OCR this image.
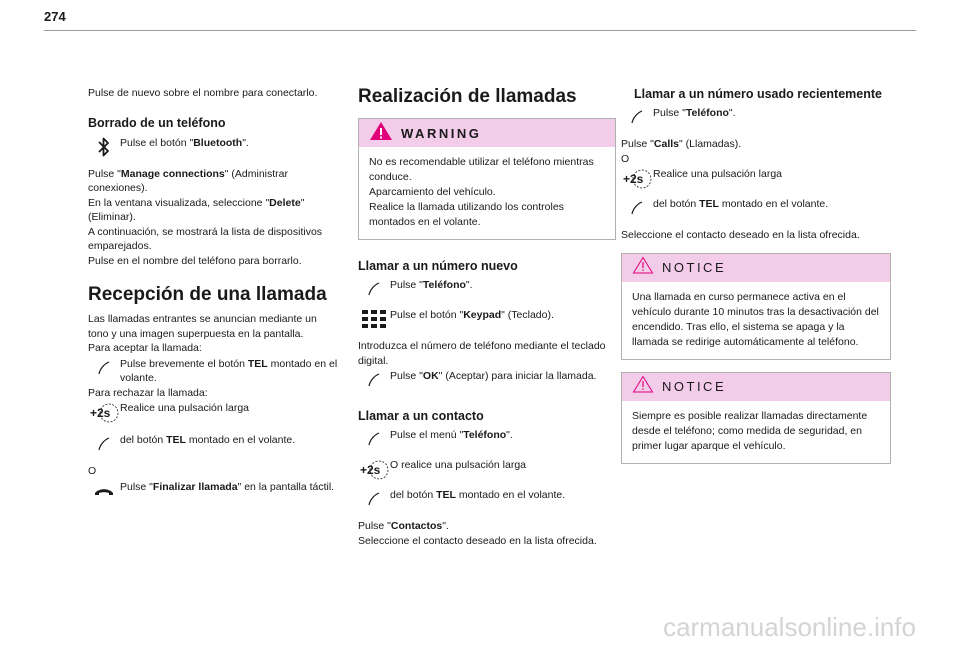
274

Pulse de nuevo sobre el nombre para conectarlo.

Borrado de un teléfono
Pulse el botón "Bluetooth".

Pulse "Manage connections" (Administrar conexiones).

En la ventana visualizada, seleccione "Delete" (Eliminar).

A continuación, se mostrará la lista de dispositivos emparejados.

Pulse en el nombre del teléfono para borrarlo.

Recepción de una llamada

Las llamadas entrantes se anuncian mediante un tono y una imagen superpuesta en la pantalla.

Para aceptar la llamada:

Pulse brevemente el botón TEL montado en el volante.

Para rechazar la llamada:

+2s Realice una pulsación larga
del botón TEL montado en el volante.

O

Pulse "Finalizar llamada" en la pantalla táctil.
Realización de llamadas
WARNING
No es recomendable utilizar el teléfono mientras conduce.
Aparcamiento del vehículo.
Realice la llamada utilizando los controles montados en el volante.
Llamar a un número nuevo
Pulse "Teléfono".
Pulse el botón "Keypad" (Teclado).

Introduzca el número de teléfono mediante el teclado digital.

Pulse "OK" (Aceptar) para iniciar la llamada.
Llamar a un contacto
Pulse el menú "Teléfono".
+2s O realice una pulsación larga
del botón TEL montado en el volante.

Pulse "Contactos".

Seleccione el contacto deseado en la lista ofrecida.

Llamar a un número usado recientemente
Pulse "Teléfono".

Pulse "Calls" (Llamadas).

O

+2s Realice una pulsación larga
del botón TEL montado en el volante.

Seleccione el contacto deseado en la lista ofrecida.

NOTICE
Una llamada en curso permanece activa en el vehículo durante 10 minutos tras la desactivación del encendido. Tras ello, el sistema se apaga y la llamada se redirige automáticamente al teléfono.
NOTICE
Siempre es posible realizar llamadas directamente desde el teléfono; como medida de seguridad, en primer lugar aparque el vehículo.
carmanualsonline.info
